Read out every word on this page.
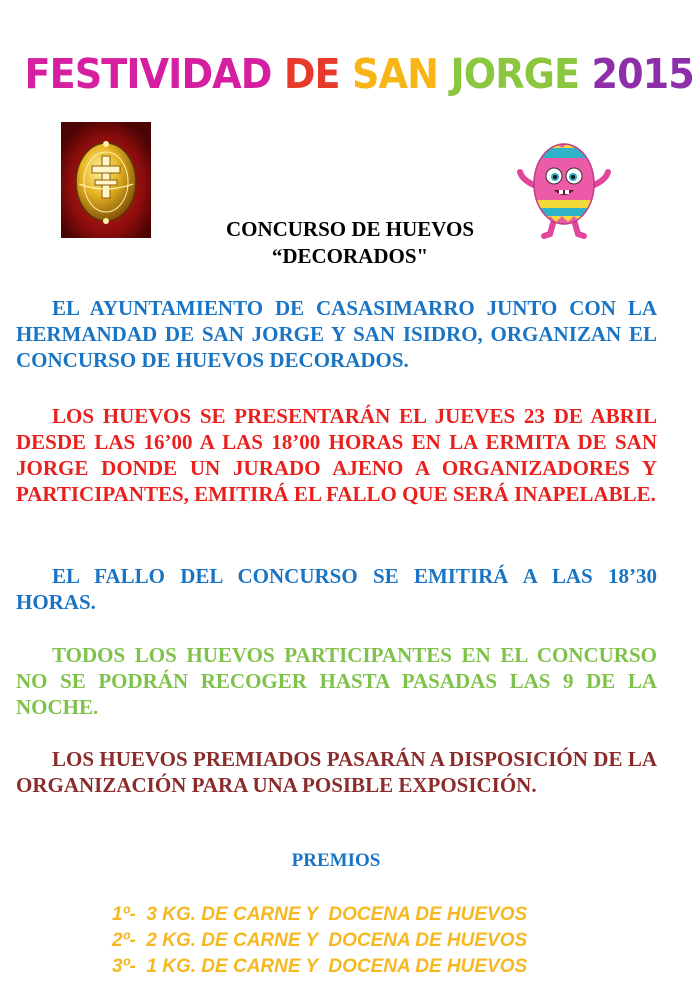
FESTIVIDAD DE SAN JORGE 2015
CONCURSO DE HUEVOS
“DECORADOS"

EL AYUNTAMIENTO DE CASASIMARRO JUNTO CON LA HERMANDAD DE SAN JORGE Y SAN ISIDRO, ORGANIZAN EL CONCURSO DE HUEVOS DECORADOS.

LOS HUEVOS SE PRESENTARÁN EL JUEVES 23 DE ABRIL DESDE LAS 16’00 A LAS 18’00 HORAS EN LA ERMITA DE SAN JORGE DONDE UN JURADO AJENO A ORGANIZADORES Y PARTICIPANTES, EMITIRÁ EL FALLO QUE SERÁ INAPELABLE.

EL FALLO DEL CONCURSO SE EMITIRÁ A LAS 18’30 HORAS.

TODOS LOS HUEVOS PARTICIPANTES EN EL CONCURSO NO SE PODRÁN RECOGER HASTA PASADAS LAS 9 DE LA NOCHE.

LOS HUEVOS PREMIADOS PASARÁN A DISPOSICIÓN DE LA ORGANIZACIÓN PARA UNA POSIBLE EXPOSICIÓN.

PREMIOS
1º-  3 KG. DE CARNE Y  DOCENA DE HUEVOS
2º-  2 KG. DE CARNE Y  DOCENA DE HUEVOS
3º-  1 KG. DE CARNE Y  DOCENA DE HUEVOS
